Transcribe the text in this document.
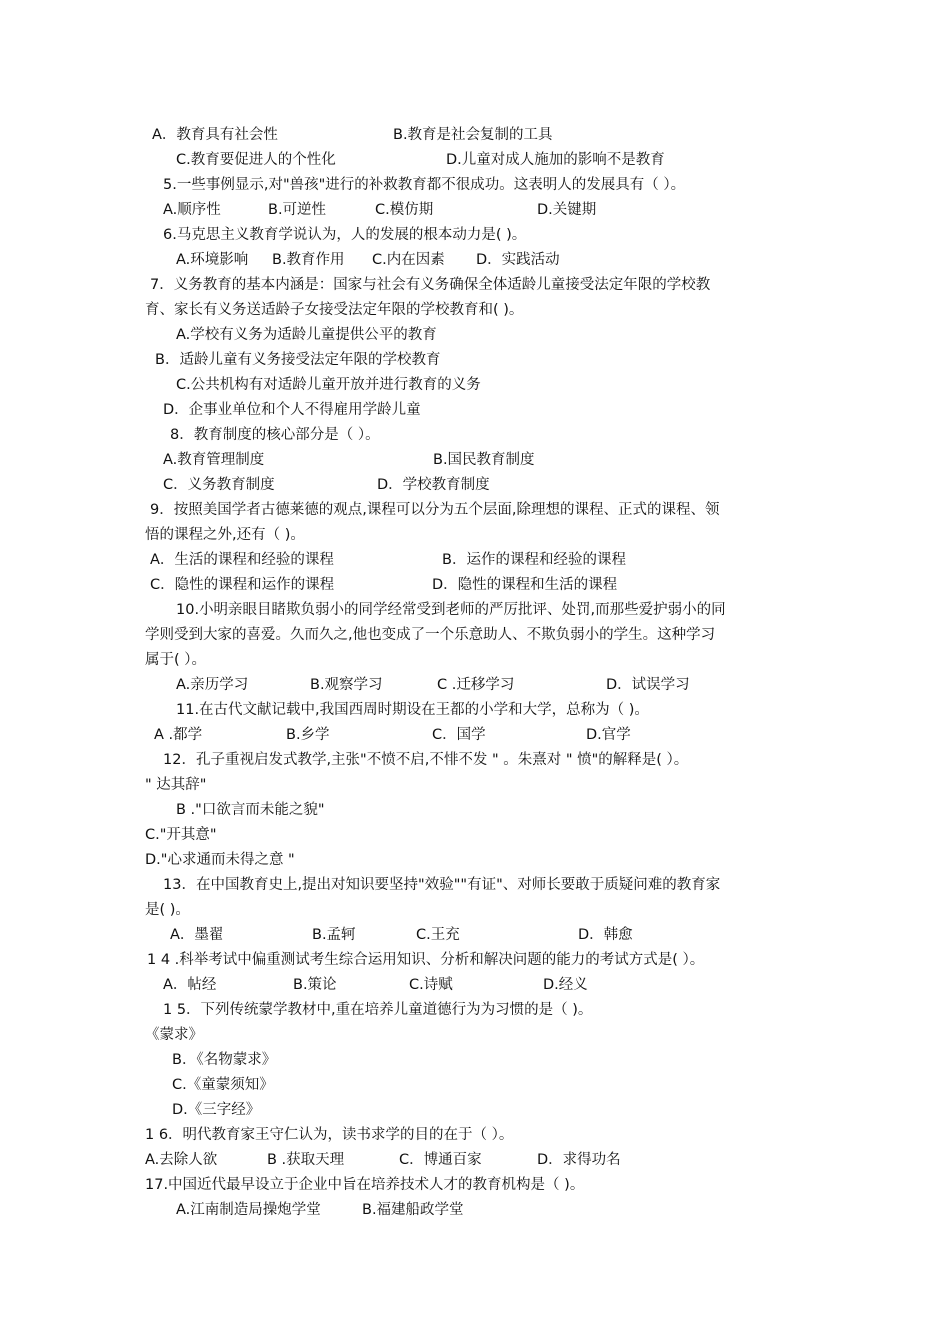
A．教育具有社会性	B.教育是社会复制的工具
C.教育要促进人的个性化	D.儿童对成人施加的影响不是教育
5.一些事例显示,对"兽孩"进行的补救教育都不很成功。这表明人的发展具有（ ）。
A.顺序性	B.可逆性	C.模仿期	D.关键期
6.马克思主义教育学说认为，人的发展的根本动力是( )。
A.环境影响 B.教育作用 C.内在因素 D．实践活动
7．义务教育的基本内涵是：国家与社会有义务确保全体适龄儿童接受法定年限的学校教
育、家长有义务送适龄子女接受法定年限的学校教育和( )。
A.学校有义务为适龄儿童提供公平的教育
B．适龄儿童有义务接受法定年限的学校教育
C.公共机构有对适龄儿童开放并进行教育的义务
D．企事业单位和个人不得雇用学龄儿童
8．教育制度的核心部分是（ ）。
A.教育管理制度	B.国民教育制度
C．义务教育制度	D．学校教育制度
9．按照美国学者古德莱德的观点,课程可以分为五个层面,除理想的课程、正式的课程、领
悟的课程之外,还有（ )。
A．生活的课程和经验的课程	B．运作的课程和经验的课程
C．隐性的课程和运作的课程	D．隐性的课程和生活的课程
10.小明亲眼目睹欺负弱小的同学经常受到老师的严厉批评、处罚,而那些爱护弱小的同
学则受到大家的喜爱。久而久之,他也变成了一个乐意助人、不欺负弱小的学生。这种学习
属于( ）。
A.亲历学习	B.观察学习	C .迁移学习	D．试误学习
11.在古代文献记载中,我国西周时期设在王都的小学和大学，总称为（ )。
A .都学	B.乡学	C．国学	D.官学
12．孔子重视启发式教学,主张"不愤不启,不悱不发 " 。朱熹对 " 愤"的解释是( ）。
" 达其辞"
B ."口欲言而未能之貌"
C."开其意"
D."心求通而未得之意 "
13．在中国教育史上,提出对知识要坚持"效验""有证"、对师长要敢于质疑问难的教育家
是( )。
A．墨翟	B.孟轲	C.王充	D．韩愈
1 4 .科举考试中偏重测试考生综合运用知识、分析和解决问题的能力的考试方式是( ）。
A．帖经	B.策论	C.诗赋	D.经义
1 5．下列传统蒙学教材中,重在培养儿童道德行为为习惯的是（ )。
《蒙求》
B．《名物蒙求》
C.《童蒙须知》
D.《三字经》
1 6．明代教育家王守仁认为，读书求学的目的在于（ ）。
A.去除人欲	B .获取天理	C．博通百家	D．求得功名
17.中国近代最早设立于企业中旨在培养技术人才的教育机构是（ )。
A.江南制造局操炮学堂	B.福建船政学堂
